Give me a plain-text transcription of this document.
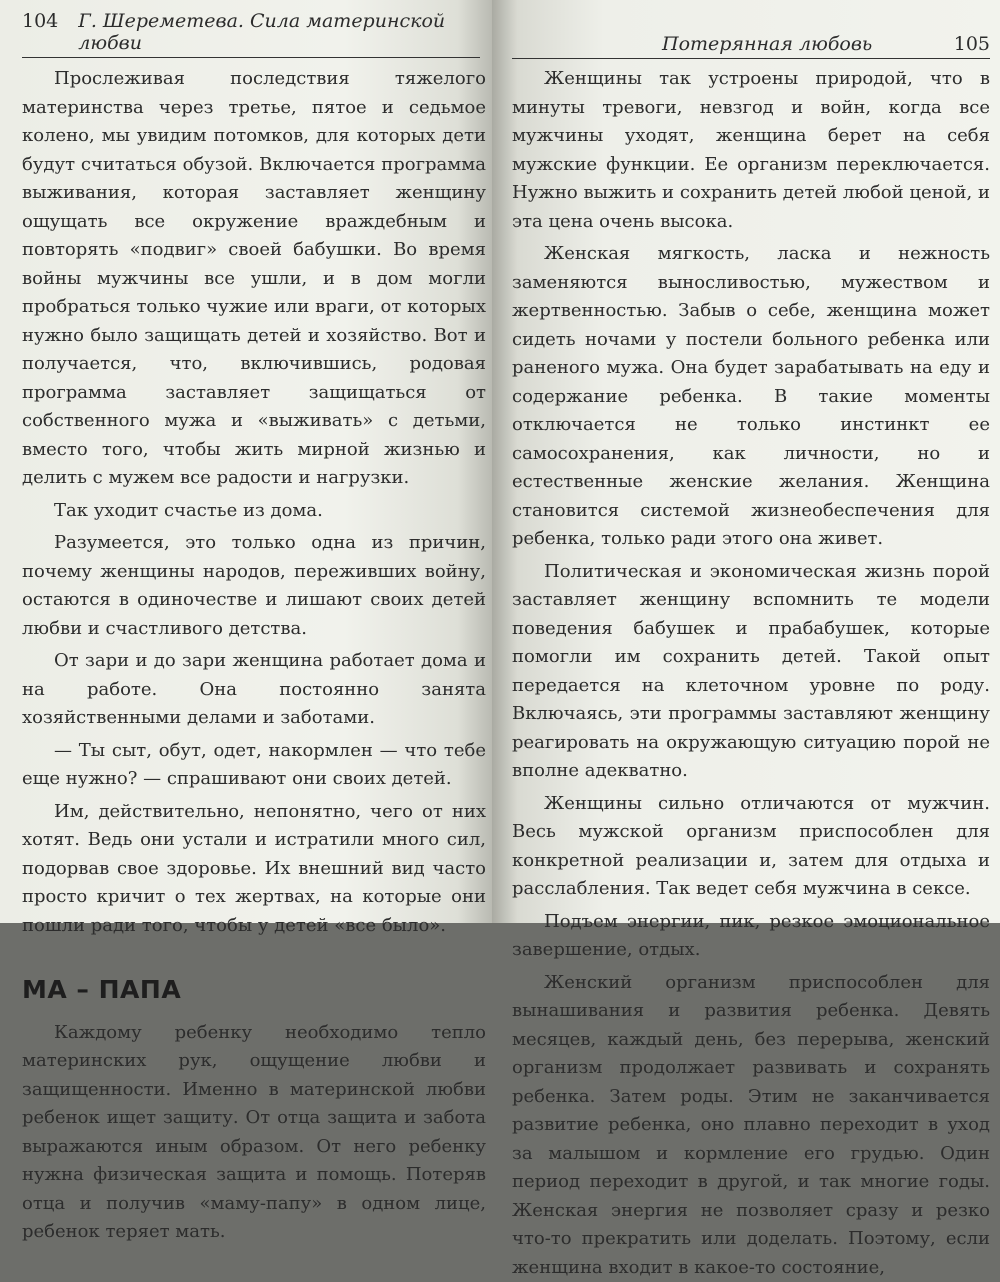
104 Г. Шереметева. Сила материнской любви

Прослеживая последствия тяжелого материнства через третье, пятое и седьмое колено, мы увидим потомков, для которых дети будут считаться обузой. Включается программа выживания, которая заставляет женщину ощущать все окружение враждебным и повторять «подвиг» своей бабушки. Во время войны мужчины все ушли, и в дом могли пробраться только чужие или враги, от которых нужно было защищать детей и хозяйство. Вот и получается, что, включившись, родовая программа заставляет защищаться от собственного мужа и «выживать» с детьми, вместо того, чтобы жить мирной жизнью и делить с мужем все радости и нагрузки.

Так уходит счастье из дома.

Разумеется, это только одна из причин, почему женщины народов, переживших войну, остаются в одиночестве и лишают своих детей любви и счастливого детства.

От зари и до зари женщина работает дома и на работе. Она постоянно занята хозяйственными делами и заботами.

— Ты сыт, обут, одет, накормлен — что тебе еще нужно? — спрашивают они своих детей.

Им, действительно, непонятно, чего от них хотят. Ведь они устали и истратили много сил, подорвав свое здоровье. Их внешний вид часто просто кричит о тех жертвах, на которые они пошли ради того, чтобы у детей «все было».

МА – ПАПА

Каждому ребенку необходимо тепло материнских рук, ощущение любви и защищенности. Именно в материнской любви ребенок ищет защиту. От отца защита и забота выражаются иным образом. От него ребенку нужна физическая защита и помощь. Потеряв отца и получив «маму-папу» в одном лице, ребенок теряет мать.

Потерянная любовь	105

Женщины так устроены природой, что в минуты тревоги, невзгод и войн, когда все мужчины уходят, женщина берет на себя мужские функции. Ее организм переключается. Нужно выжить и сохранить детей любой ценой, и эта цена очень высока.

Женская мягкость, ласка и нежность заменяются выносливостью, мужеством и жертвенностью. Забыв о себе, женщина может сидеть ночами у постели больного ребенка или раненого мужа. Она будет зарабатывать на еду и содержание ребенка. В такие моменты отключается не только инстинкт ее самосохранения, как личности, но и естественные женские желания. Женщина становится системой жизнеобеспечения для ребенка, только ради этого она живет.

Политическая и экономическая жизнь порой заставляет женщину вспомнить те модели поведения бабушек и прабабушек, которые помогли им сохранить детей. Такой опыт передается на клеточном уровне по роду. Включаясь, эти программы заставляют женщину реагировать на окружающую ситуацию порой не вполне адекватно.

Женщины сильно отличаются от мужчин. Весь мужской организм приспособлен для конкретной реализации и, затем для отдыха и расслабления. Так ведет себя мужчина в сексе.

Подъем энергии, пик, резкое эмоциональное завершение, отдых.

Женский организм приспособлен для вынашивания и развития ребенка. Девять месяцев, каждый день, без перерыва, женский организм продолжает развивать и сохранять ребенка. Затем роды. Этим не заканчивается развитие ребенка, оно плавно переходит в уход за малышом и кормление его грудью. Один период переходит в другой, и так многие годы. Женская энергия не позволяет сразу и резко что-то прекратить или доделать. Поэтому, если женщина входит в какое-то состояние,
